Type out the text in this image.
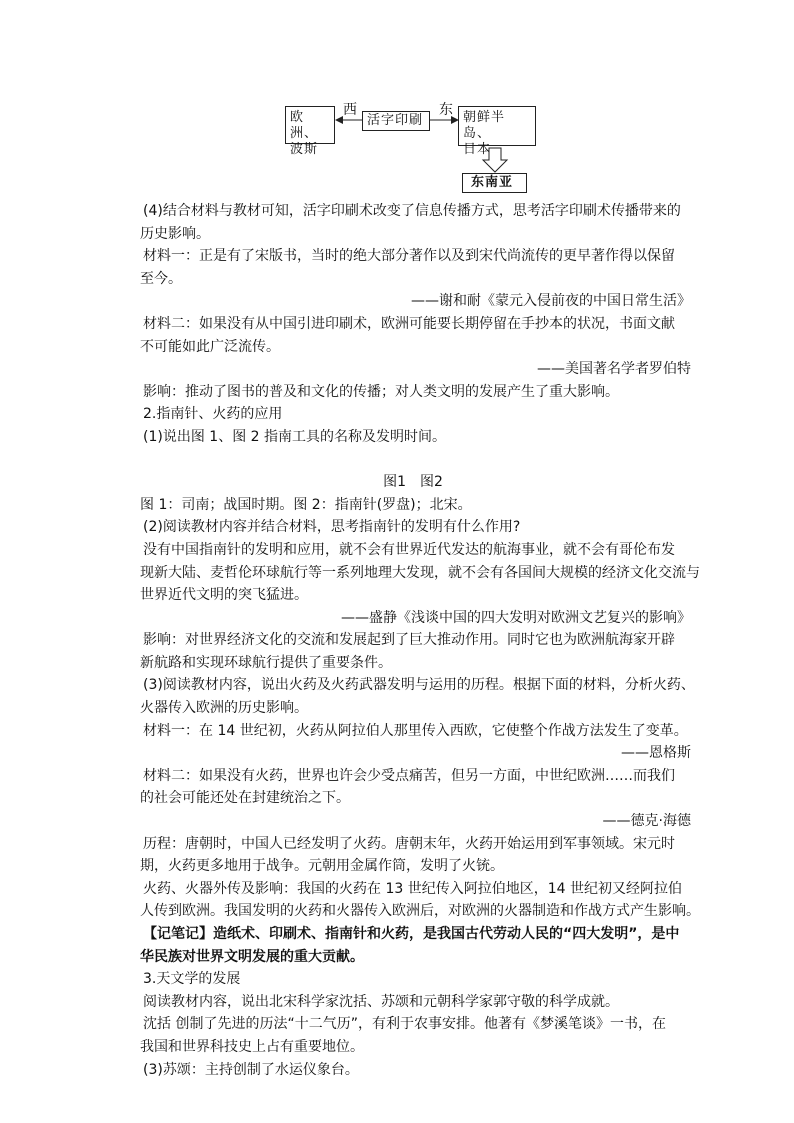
欧洲、
波斯
活字印刷	朝鲜半岛、
日本
东南亚
西	东

(4)结合材料与教材可知，活字印刷术改变了信息传播方式，思考活字印刷术传播带来的

历史影响。

材料一：正是有了宋版书，当时的绝大部分著作以及到宋代尚流传的更早著作得以保留

至今。

——谢和耐《蒙元入侵前夜的中国日常生活》

材料二：如果没有从中国引进印刷术，欧洲可能要长期停留在手抄本的状况，书面文献

不可能如此广泛流传。

——美国著名学者罗伯特

影响：推动了图书的普及和文化的传播；对人类文明的发展产生了重大影响。

2.指南针、火药的应用

(1)说出图 1、图 2 指南工具的名称及发明时间。

图1　图2

图 1：司南；战国时期。图 2：指南针(罗盘)；北宋。

(2)阅读教材内容并结合材料，思考指南针的发明有什么作用?

没有中国指南针的发明和应用，就不会有世界近代发达的航海事业，就不会有哥伦布发

现新大陆、麦哲伦环球航行等一系列地理大发现，就不会有各国间大规模的经济文化交流与

世界近代文明的突飞猛进。

——盛静《浅谈中国的四大发明对欧洲文艺复兴的影响》

影响：对世界经济文化的交流和发展起到了巨大推动作用。同时它也为欧洲航海家开辟

新航路和实现环球航行提供了重要条件。

(3)阅读教材内容，说出火药及火药武器发明与运用的历程。根据下面的材料，分析火药、

火器传入欧洲的历史影响。

材料一：在 14 世纪初，火药从阿拉伯人那里传入西欧，它使整个作战方法发生了变革。

——恩格斯

材料二：如果没有火药，世界也许会少受点痛苦，但另一方面，中世纪欧洲……而我们

的社会可能还处在封建统治之下。

——德克·海德

历程：唐朝时，中国人已经发明了火药。唐朝末年，火药开始运用到军事领域。宋元时

期，火药更多地用于战争。元朝用金属作筒，发明了火铳。

火药、火器外传及影响：我国的火药在 13 世纪传入阿拉伯地区，14 世纪初又经阿拉伯

人传到欧洲。我国发明的火药和火器传入欧洲后，对欧洲的火器制造和作战方式产生影响。

【记笔记】造纸术、印刷术、指南针和火药，是我国古代劳动人民的“四大发明”，是中

华民族对世界文明发展的重大贡献。

3.天文学的发展

阅读教材内容，说出北宋科学家沈括、苏颂和元朝科学家郭守敬的科学成就。

沈括 创制了先进的历法“十二气历”，有利于农事安排。他著有《梦溪笔谈》一书，在

我国和世界科技史上占有重要地位。

(3)苏颂：主持创制了水运仪象台。
